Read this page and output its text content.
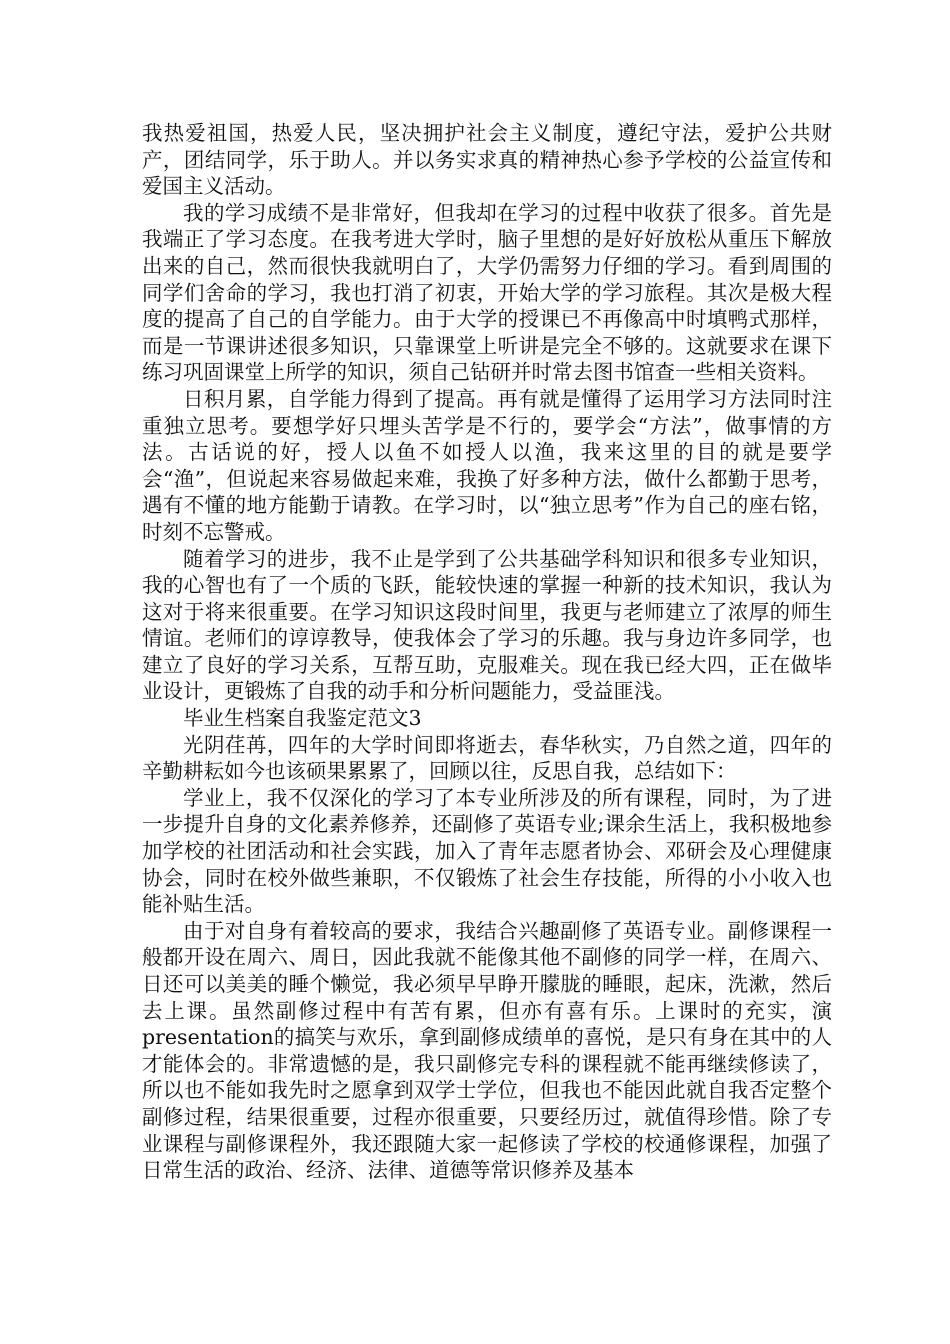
我热爱祖国，热爱人民，坚决拥护社会主义制度，遵纪守法，爱护公共财产，团结同学，乐于助人。并以务实求真的精神热心参予学校的公益宣传和爱国主义活动。

我的学习成绩不是非常好，但我却在学习的过程中收获了很多。首先是我端正了学习态度。在我考进大学时，脑子里想的是好好放松从重压下解放出来的自己，然而很快我就明白了，大学仍需努力仔细的学习。看到周围的同学们舍命的学习，我也打消了初衷，开始大学的学习旅程。其次是极大程度的提高了自己的自学能力。由于大学的授课已不再像高中时填鸭式那样，而是一节课讲述很多知识，只靠课堂上听讲是完全不够的。这就要求在课下练习巩固课堂上所学的知识，须自己钻研并时常去图书馆查一些相关资料。

日积月累，自学能力得到了提高。再有就是懂得了运用学习方法同时注重独立思考。要想学好只埋头苦学是不行的，要学会“方法”，做事情的方法。古话说的好，授人以鱼不如授人以渔，我来这里的目的就是要学会“渔”，但说起来容易做起来难，我换了好多种方法，做什么都勤于思考，遇有不懂的地方能勤于请教。在学习时，以“独立思考”作为自己的座右铭，时刻不忘警戒。

随着学习的进步，我不止是学到了公共基础学科知识和很多专业知识，我的心智也有了一个质的飞跃，能较快速的掌握一种新的技术知识，我认为这对于将来很重要。在学习知识这段时间里，我更与老师建立了浓厚的师生情谊。老师们的谆谆教导，使我体会了学习的乐趣。我与身边许多同学，也建立了良好的学习关系，互帮互助，克服难关。现在我已经大四，正在做毕业设计，更锻炼了自我的动手和分析问题能力，受益匪浅。

毕业生档案自我鉴定范文3

光阴荏苒，四年的大学时间即将逝去，春华秋实，乃自然之道，四年的辛勤耕耘如今也该硕果累累了，回顾以往，反思自我，总结如下：

学业上，我不仅深化的学习了本专业所涉及的所有课程，同时，为了进一步提升自身的文化素养修养，还副修了英语专业;课余生活上，我积极地参加学校的社团活动和社会实践，加入了青年志愿者协会、邓研会及心理健康协会，同时在校外做些兼职，不仅锻炼了社会生存技能，所得的小小收入也能补贴生活。

由于对自身有着较高的要求，我结合兴趣副修了英语专业。副修课程一般都开设在周六、周日，因此我就不能像其他不副修的同学一样，在周六、日还可以美美的睡个懒觉，我必须早早睁开朦胧的睡眼，起床，洗漱，然后去上课。虽然副修过程中有苦有累，但亦有喜有乐。上课时的充实，演presentation的搞笑与欢乐，拿到副修成绩单的喜悦，是只有身在其中的人才能体会的。非常遗憾的是，我只副修完专科的课程就不能再继续修读了，所以也不能如我先时之愿拿到双学士学位，但我也不能因此就自我否定整个副修过程，结果很重要，过程亦很重要，只要经历过，就值得珍惜。除了专业课程与副修课程外，我还跟随大家一起修读了学校的校通修课程，加强了日常生活的政治、经济、法律、道德等常识修养及基本
